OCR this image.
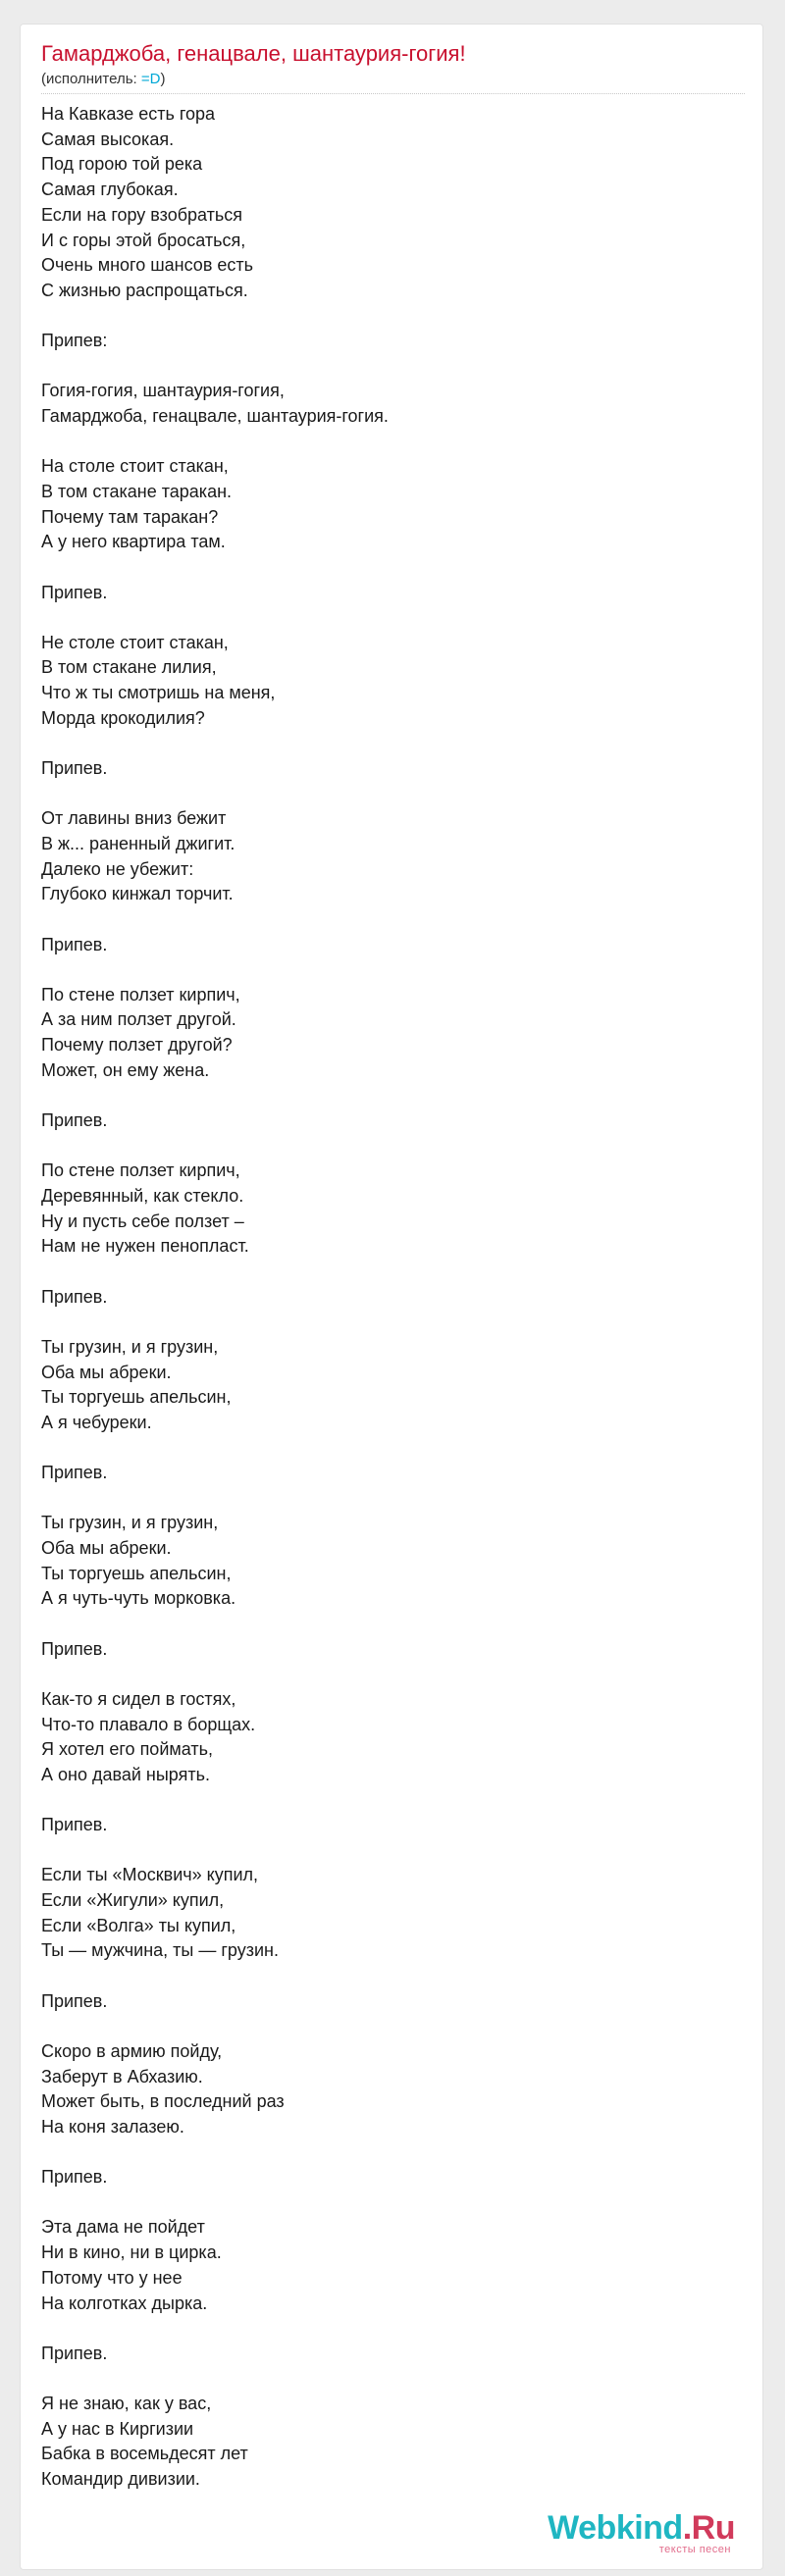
Гамарджоба, генацвале, шантаурия-гогия!
(исполнитель: =D)
На Кавказе есть гора
Самая высокая.
Под горою той река
Самая глубокая.
Если на гору взобраться
И с горы этой бросаться,
Очень много шансов есть
С жизнью распрощаться.
Припев:
Гогия-гогия, шантаурия-гогия,
Гамарджоба, генацвале, шантаурия-гогия.
На столе стоит стакан,
В том стакане таракан.
Почему там таракан?
А у него квартира там.
Припев.
Не столе стоит стакан,
В том стакане лилия,
Что ж ты смотришь на меня,
Морда крокодилия?
Припев.
От лавины вниз бежит
В ж... раненный джигит.
Далеко не убежит:
Глубоко кинжал торчит.
Припев.
По стене ползет кирпич,
А за ним ползет другой.
Почему ползет другой?
Может, он ему жена.
Припев.
По стене ползет кирпич,
Деревянный, как стекло.
Ну и пусть себе ползет –
Нам не нужен пенопласт.
Припев.
Ты грузин, и я грузин,
Оба мы абреки.
Ты торгуешь апельсин,
А я чебуреки.
Припев.
Ты грузин, и я грузин,
Оба мы абреки.
Ты торгуешь апельсин,
А я чуть-чуть морковка.
Припев.
Как-то я сидел в гостях,
Что-то плавало в борщах.
Я хотел его поймать,
А оно давай нырять.
Припев.
Если ты «Москвич» купил,
Если «Жигули» купил,
Если «Волга» ты купил,
Ты — мужчина, ты — грузин.
Припев.
Скоро в армию пойду,
Заберут в Абхазию.
Может быть, в последний раз
На коня залазею.
Припев.
Эта дама не пойдет
Ни в кино, ни в цирка.
Потому что у нее
На колготках дырка.
Припев.
Я не знаю, как у вас,
А у нас в Киргизии
Бабка в восемьдесят лет
Командир дивизии.
Webkind.Ru
тексты песен
